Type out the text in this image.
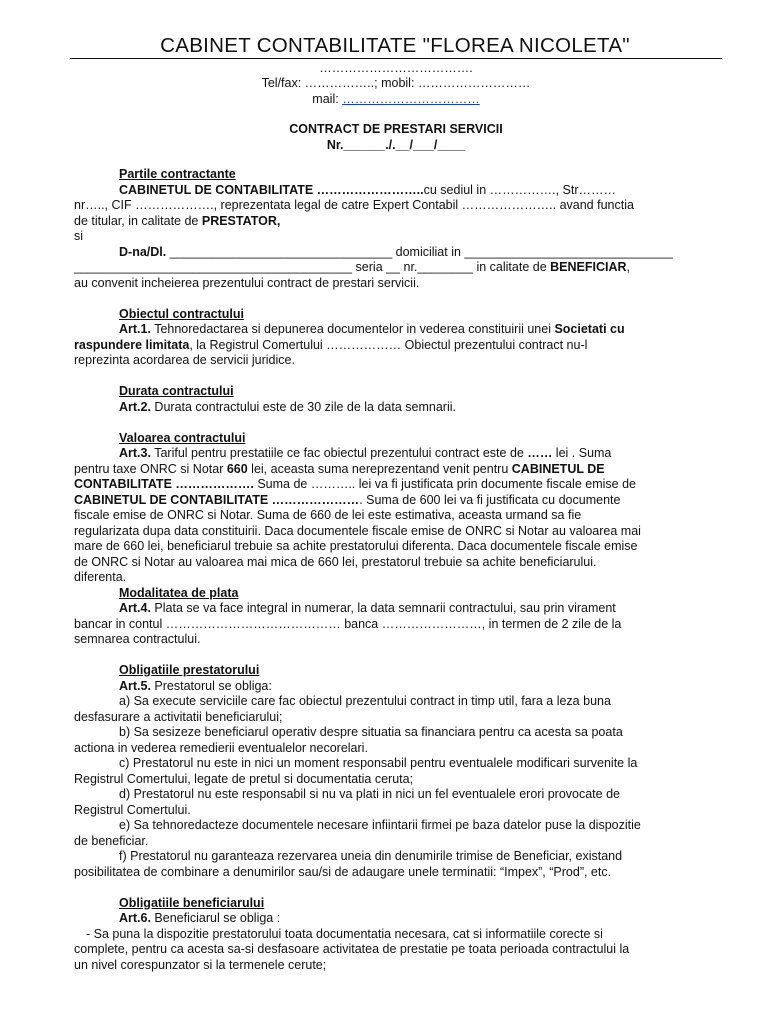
CABINET CONTABILITATE "FLOREA NICOLETA"
……………………………….
Tel/fax: ……………..; mobil: ………………………
mail: ……………………………
CONTRACT DE PRESTARI SERVICII
Nr.______./.__/___/____

Partile contractante

CABINETUL DE CONTABILITATE ……………………..cu sediul in ……………., Str………

nr….., CIF ………………., reprezentata legal de catre Expert Contabil ………………….. avand functia

de titular, in calitate de PRESTATOR,

si

D-na/Dl. ________________________________ domiciliat in ______________________________

________________________________________ seria __ nr.________ in calitate de BENEFICIAR,

au convenit incheierea prezentului contract de prestari servicii.

Obiectul contractului

Art.1. Tehnoredactarea si depunerea documentelor in vederea constituirii unei Societati cu

raspundere limitata, la Registrul Comertului ……………… Obiectul prezentului contract nu-l

reprezinta acordarea de servicii juridice.

Durata contractului

Art.2. Durata contractului este de 30 zile de la data semnarii.

Valoarea contractului

Art.3. Tariful pentru prestatiile ce fac obiectul prezentului contract este de …… lei . Suma

pentru taxe ONRC si Notar 660 lei, aceasta suma nereprezentand venit pentru CABINETUL DE

CONTABILITATE ………………. Suma de ……….. lei va fi justificata prin documente fiscale emise de

CABINETUL DE CONTABILITATE …………………. Suma de 600 lei va fi justificata cu documente

fiscale emise de ONRC si Notar. Suma de 660 de lei este estimativa, aceasta urmand sa fie

regularizata dupa data constituirii. Daca documentele fiscale emise de ONRC si Notar au valoarea mai

mare de 660 lei, beneficiarul trebuie sa achite prestatorului diferenta. Daca documentele fiscale emise

de ONRC si Notar au valoarea mai mica de 660 lei, prestatorul trebuie sa achite beneficiarului.

diferenta.

Modalitatea de plata

Art.4. Plata se va face integral in numerar, la data semnarii contractului, sau prin virament

bancar in contul …………………………………… banca ……………………, in termen de 2 zile de la

semnarea contractului.

Obligatiile prestatorului

Art.5. Prestatorul se obliga:

a) Sa execute serviciile care fac obiectul prezentului contract in timp util, fara a leza buna

desfasurare a activitatii beneficiarului;

b) Sa sesizeze beneficiarul operativ despre situatia sa financiara pentru ca acesta sa poata

actiona in vederea remedierii eventualelor necorelari.

c) Prestatorul nu este in nici un moment responsabil pentru eventualele modificari survenite la

Registrul Comertului, legate de pretul si documentatia ceruta;

d) Prestatorul nu este responsabil si nu va plati in nici un fel eventualele erori provocate de

Registrul Comertului.

e) Sa tehnoredacteze documentele necesare infiintarii firmei pe baza datelor puse la dispozitie

de beneficiar.

f) Prestatorul nu garanteaza rezervarea uneia din denumirile trimise de Beneficiar, existand

posibilitatea de combinare a denumirilor sau/si de adaugare unele terminatii: “Impex”, “Prod”, etc.

Obligatiile beneficiarului

Art.6. Beneficiarul se obliga :

- Sa puna la dispozitie prestatorului toata documentatia necesara, cat si informatiile corecte si

complete, pentru ca acesta sa-si desfasoare activitatea de prestatie pe toata perioada contractului la

un nivel corespunzator si la termenele cerute;
